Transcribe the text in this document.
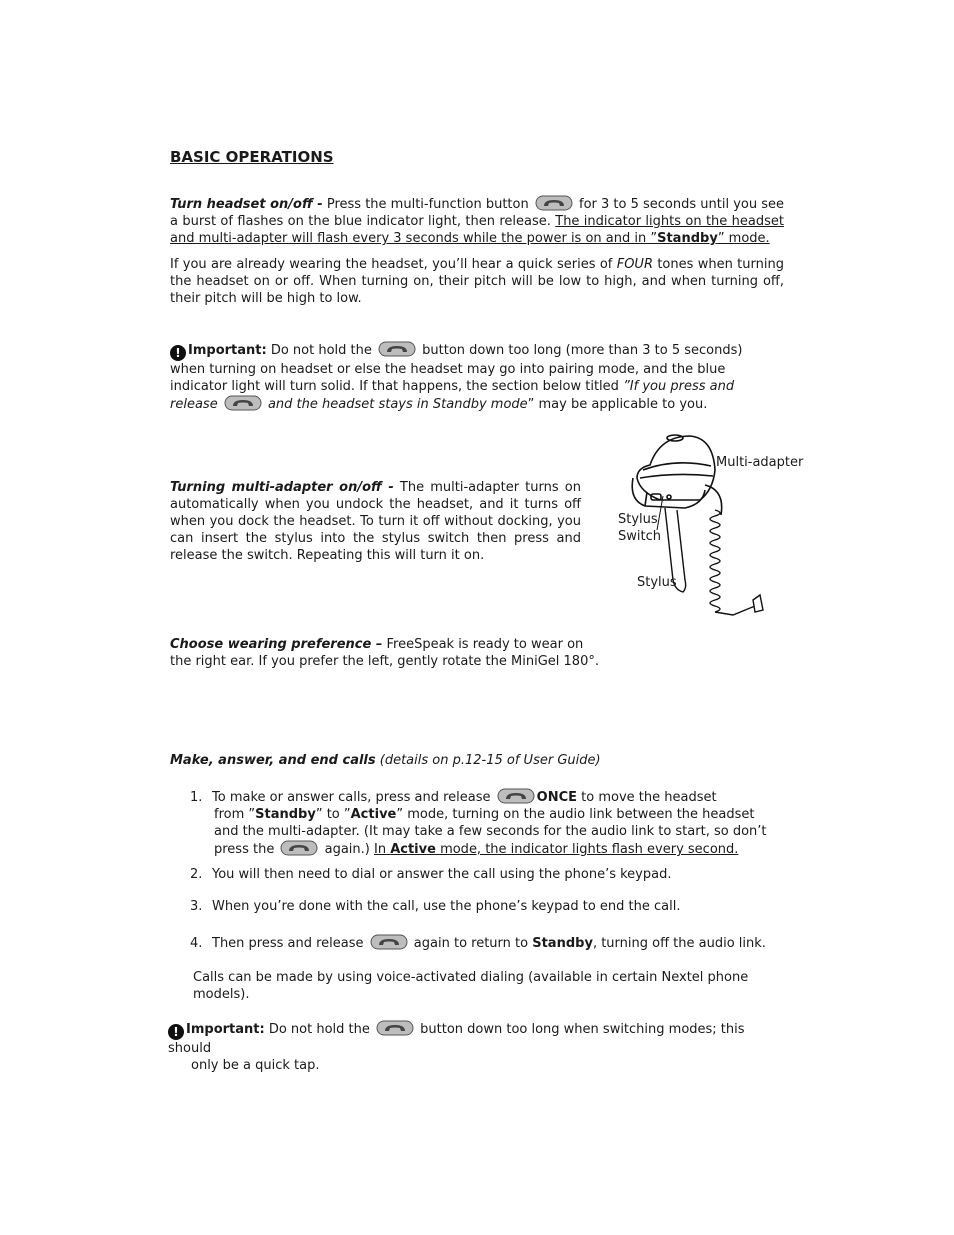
BASIC OPERATIONS

Turn headset on/off - Press the multi-function button	for 3 to 5 seconds until you see a burst of flashes on the blue indicator light, then release. The indicator lights on the headset and multi-adapter will flash every 3 seconds while the power is on and in ”Standby” mode.

If you are already wearing the headset, you’ll hear a quick series of FOUR tones when turning the headset on or off. When turning on, their pitch will be low to high, and when turning off, their pitch will be high to low.

! Important: Do not hold the	button down too long (more than 3 to 5 seconds) when turning on headset or else the headset may go into pairing mode, and the blue indicator light will turn solid. If that happens, the section below titled ”If you press and release	and the headset stays in Standby mode” may be applicable to you.

Turning multi-adapter on/off - The multi-adapter turns on automatically when you undock the headset, and it turns off when you dock the headset. To turn it off without docking, you can insert the stylus into the stylus switch then press and release the switch. Repeating this will turn it on.

Multi-adapter
Stylus
Switch
Stylus

Choose wearing preference – FreeSpeak is ready to wear on
the right ear. If you prefer the left, gently rotate the MiniGel 180°.

Make, answer, and end calls (details on p.12-15 of User Guide)

1. To make or answer calls, press and release	ONCE to move the headset
from ”Standby” to ”Active” mode, turning on the audio link between the headset
and the multi-adapter. (It may take a few seconds for the audio link to start, so don’t
press the	again.) In Active mode, the indicator lights flash every second.
2. You will then need to dial or answer the call using the phone’s keypad.
3. When you’re done with the call, use the phone’s keypad to end the call.
4. Then press and release	again to return to Standby, turning off the audio link.
Calls can be made by using voice-activated dialing (available in certain Nextel phone
models).
! Important: Do not hold the	button down too long when switching modes; this should
only be a quick tap.
